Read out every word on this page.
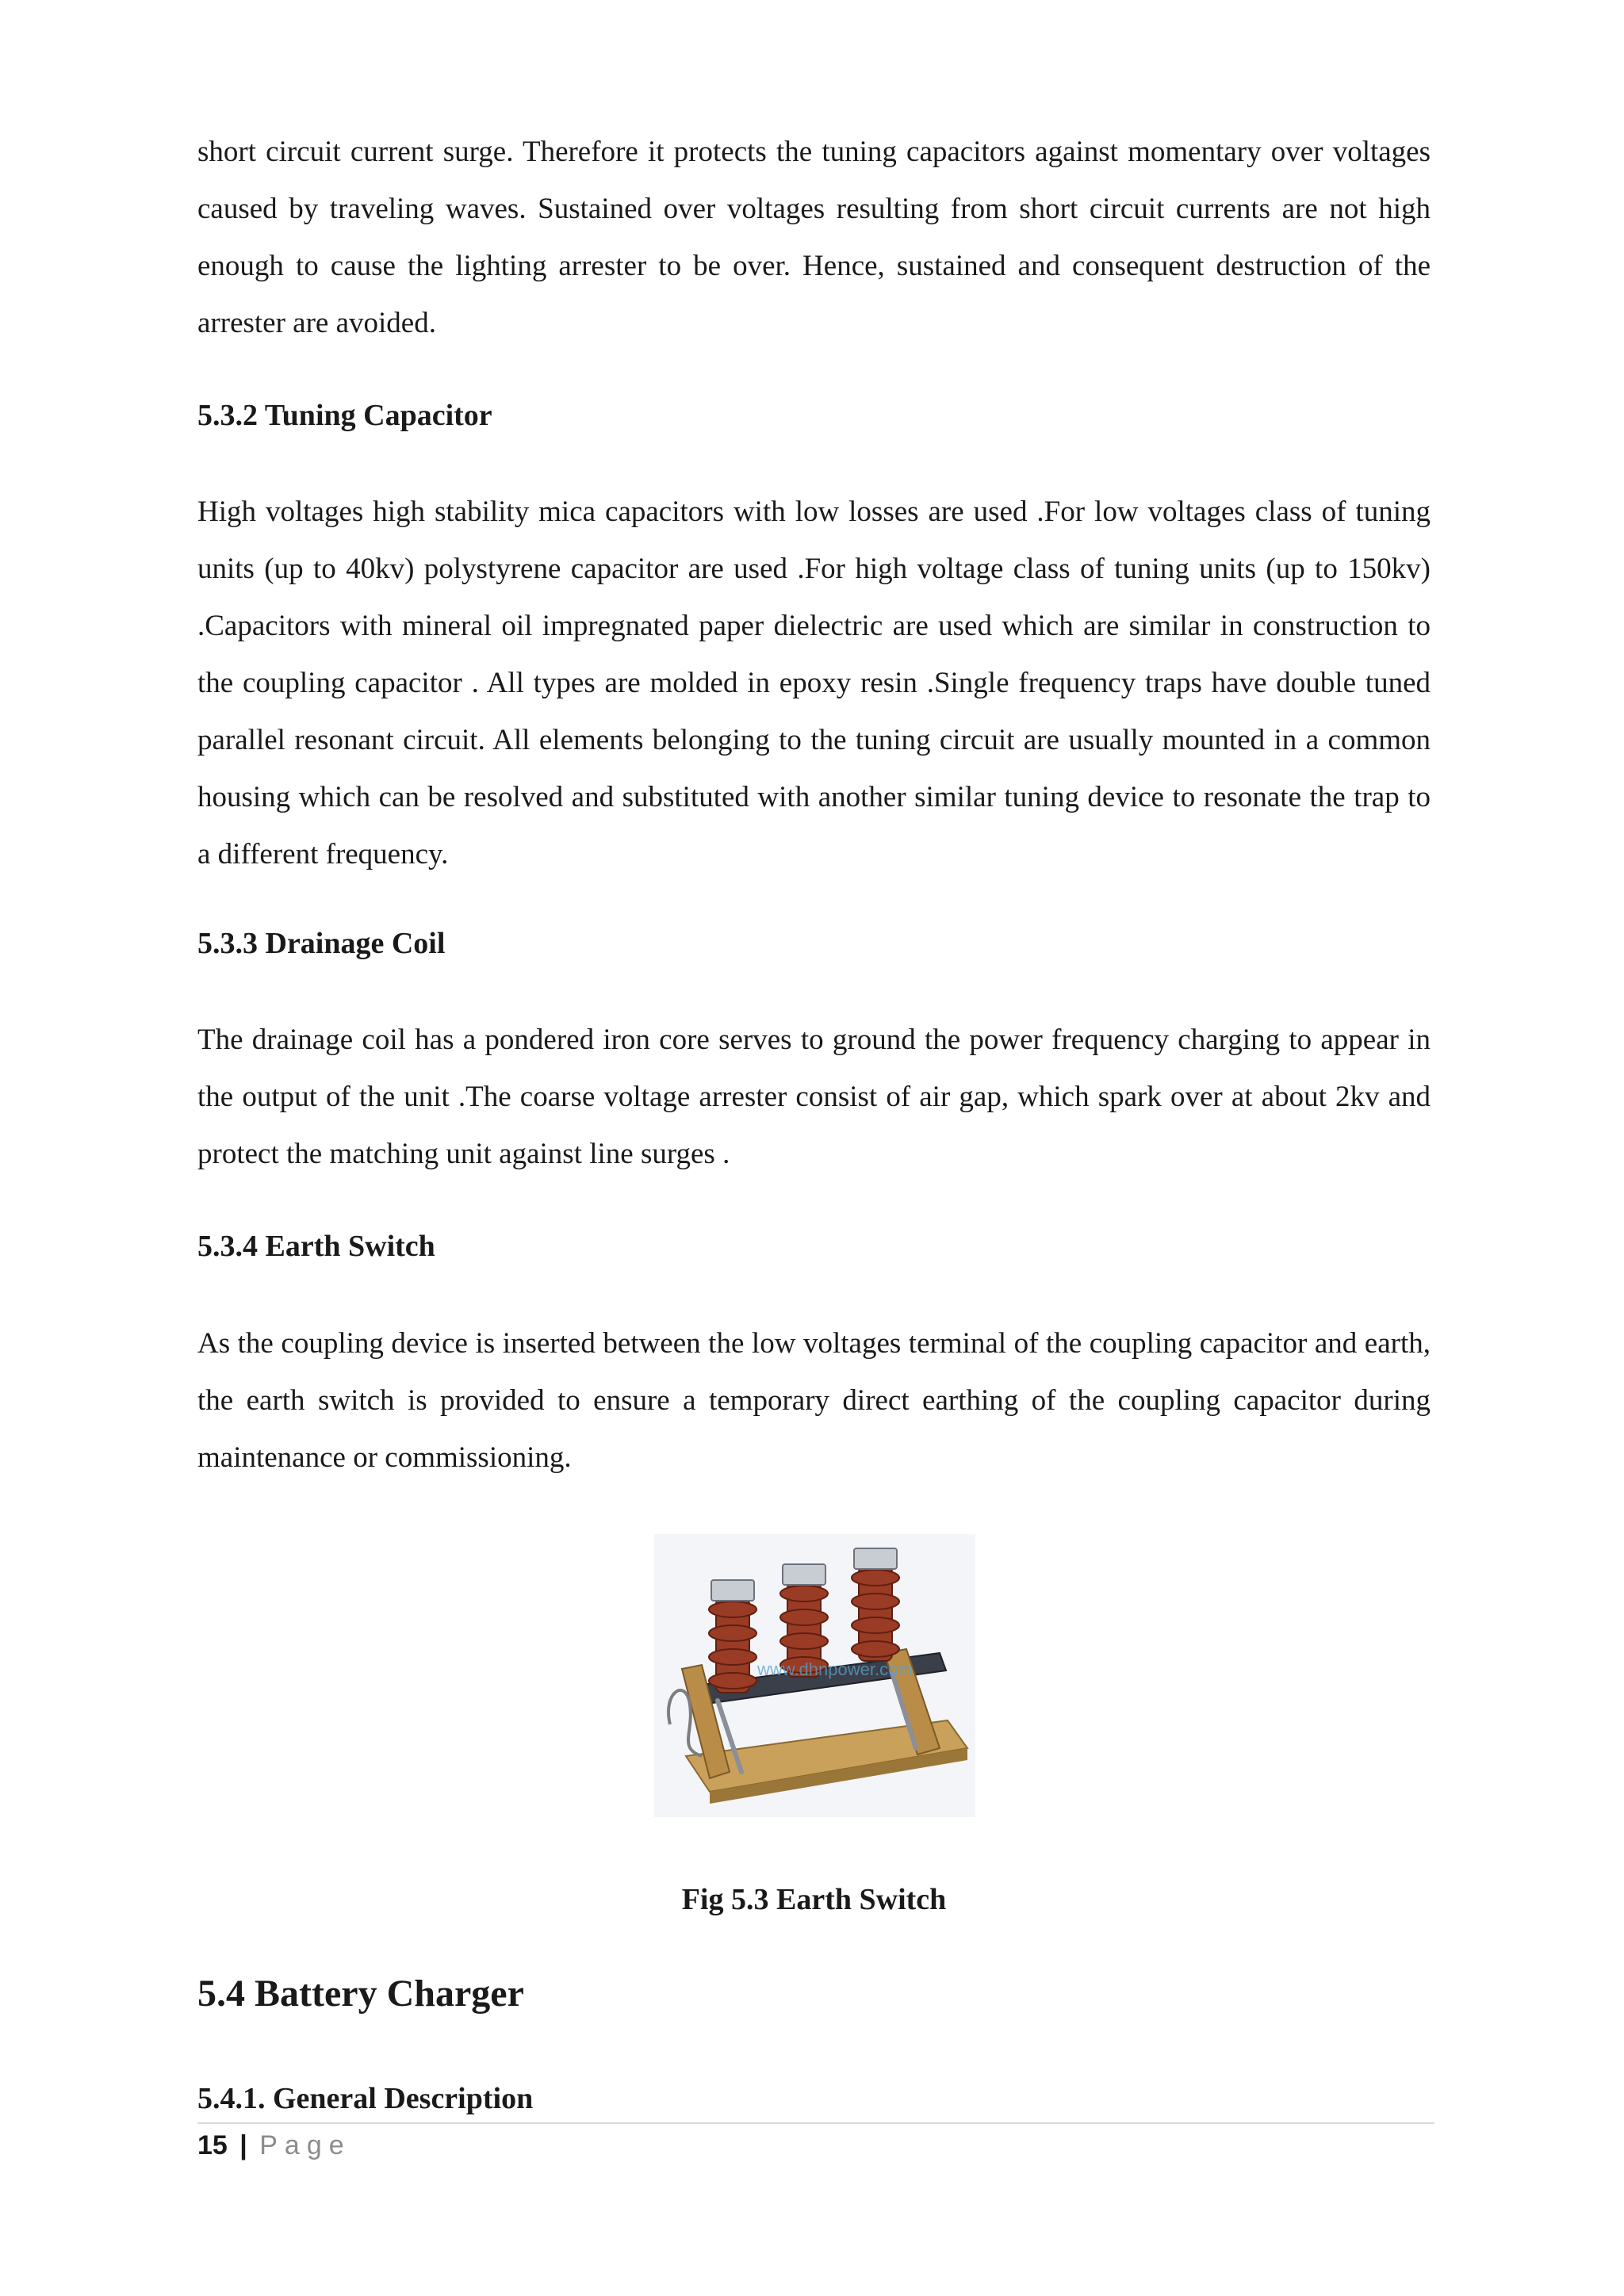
short circuit current surge. Therefore it protects the tuning capacitors against momentary over voltages caused by traveling waves. Sustained over voltages resulting from short circuit currents are not high enough to cause the lighting arrester to be over. Hence, sustained and consequent destruction of the arrester are avoided.

5.3.2 Tuning Capacitor

High voltages high stability mica capacitors with low losses are used .For low voltages class of tuning units (up to 40kv) polystyrene capacitor are used .For high voltage class of tuning units (up to 150kv) .Capacitors with mineral oil impregnated paper dielectric are used which are similar in construction to the coupling capacitor . All types are molded in epoxy resin .Single frequency traps have double tuned parallel resonant circuit. All elements belonging to the tuning circuit are usually mounted in a common housing which can be resolved and substituted with another similar tuning device to resonate the trap to a different frequency.

5.3.3 Drainage Coil

The drainage coil has a pondered iron core serves to ground the power frequency charging to appear in the output of the unit .The coarse voltage arrester consist of air gap, which spark over at about 2kv and protect the matching unit against line surges .

5.3.4 Earth Switch

As the coupling device is inserted between the low voltages terminal of the coupling capacitor and earth, the earth switch is provided to ensure a temporary direct earthing of the coupling capacitor during maintenance or commissioning.

www.dhnpower.com

Fig 5.3 Earth Switch

5.4 Battery Charger
5.4.1. General Description
15 | Page
